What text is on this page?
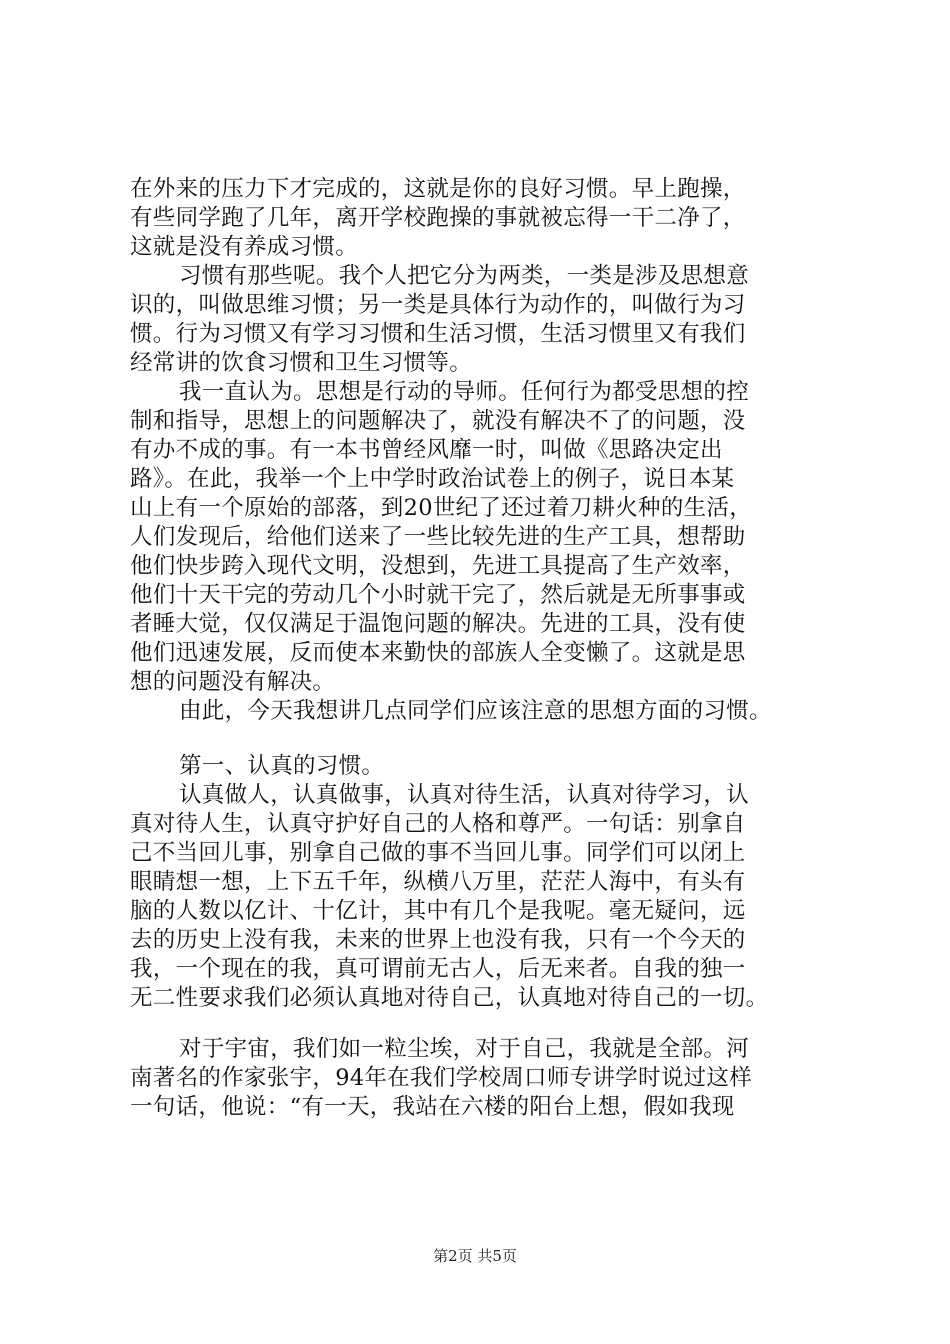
在外来的压力下才完成的，这就是你的良好习惯。早上跑操，
有些同学跑了几年，离开学校跑操的事就被忘得一干二净了，
这就是没有养成习惯。
习惯有那些呢。我个人把它分为两类，一类是涉及思想意
识的，叫做思维习惯；另一类是具体行为动作的，叫做行为习
惯。行为习惯又有学习习惯和生活习惯，生活习惯里又有我们
经常讲的饮食习惯和卫生习惯等。
我一直认为。思想是行动的导师。任何行为都受思想的控
制和指导，思想上的问题解决了，就没有解决不了的问题，没
有办不成的事。有一本书曾经风靡一时，叫做《思路决定出
路》。在此，我举一个上中学时政治试卷上的例子，说日本某
山上有一个原始的部落，到20世纪了还过着刀耕火种的生活，
人们发现后，给他们送来了一些比较先进的生产工具，想帮助
他们快步跨入现代文明，没想到，先进工具提高了生产效率，
他们十天干完的劳动几个小时就干完了，然后就是无所事事或
者睡大觉，仅仅满足于温饱问题的解决。先进的工具，没有使
他们迅速发展，反而使本来勤快的部族人全变懒了。这就是思
想的问题没有解决。
由此，今天我想讲几点同学们应该注意的思想方面的习惯。
第一、认真的习惯。
认真做人，认真做事，认真对待生活，认真对待学习，认
真对待人生，认真守护好自己的人格和尊严。一句话：别拿自
己不当回儿事，别拿自己做的事不当回儿事。同学们可以闭上
眼睛想一想，上下五千年，纵横八万里，茫茫人海中，有头有
脑的人数以亿计、十亿计，其中有几个是我呢。毫无疑问，远
去的历史上没有我，未来的世界上也没有我，只有一个今天的
我，一个现在的我，真可谓前无古人，后无来者。自我的独一
无二性要求我们必须认真地对待自己，认真地对待自己的一切。
对于宇宙，我们如一粒尘埃，对于自己，我就是全部。河
南著名的作家张宇，94年在我们学校周口师专讲学时说过这样
一句话，他说：“有一天，我站在六楼的阳台上想，假如我现
第2页 共5页
